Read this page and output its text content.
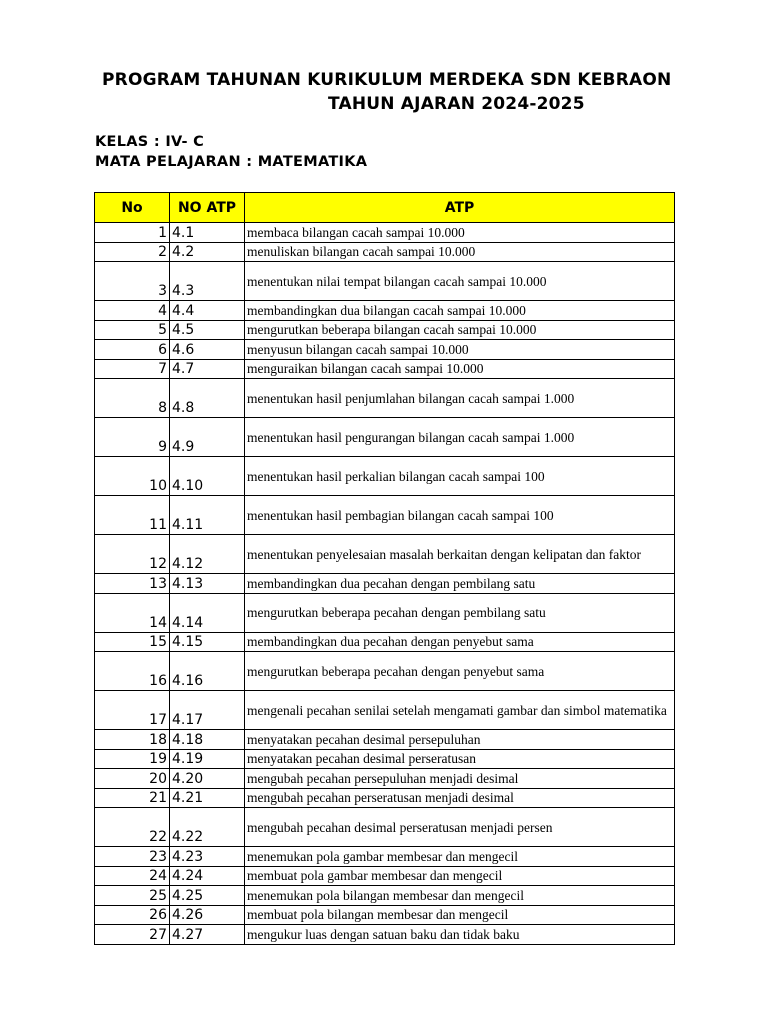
PROGRAM TAHUNAN KURIKULUM MERDEKA SDN KEBRAON
TAHUN AJARAN 2024-2025
KELAS : IV- C
MATA PELAJARAN : MATEMATIKA
No	NO ATP	ATP
1	4.1	membaca bilangan cacah sampai 10.000
2	4.2	menuliskan bilangan cacah sampai 10.000
3	4.3	menentukan nilai tempat bilangan cacah sampai 10.000
4	4.4	membandingkan dua bilangan cacah sampai 10.000
5	4.5	mengurutkan beberapa bilangan cacah sampai 10.000
6	4.6	menyusun bilangan cacah sampai 10.000
7	4.7	menguraikan bilangan cacah sampai 10.000
8	4.8	menentukan hasil penjumlahan bilangan cacah sampai 1.000
9	4.9	menentukan hasil pengurangan bilangan cacah sampai 1.000
10	4.10	menentukan hasil perkalian bilangan cacah sampai 100
11	4.11	menentukan hasil pembagian bilangan cacah sampai 100
12	4.12	menentukan penyelesaian masalah berkaitan dengan kelipatan dan faktor
13	4.13	membandingkan dua pecahan dengan pembilang satu
14	4.14	mengurutkan beberapa pecahan dengan pembilang satu
15	4.15	membandingkan dua pecahan dengan penyebut sama
16	4.16	mengurutkan beberapa pecahan dengan penyebut sama
17	4.17	mengenali pecahan senilai setelah mengamati gambar dan simbol matematika
18	4.18	menyatakan pecahan desimal persepuluhan
19	4.19	menyatakan pecahan desimal perseratusan
20	4.20	mengubah pecahan persepuluhan menjadi desimal
21	4.21	mengubah pecahan perseratusan menjadi desimal
22	4.22	mengubah pecahan desimal perseratusan menjadi persen
23	4.23	menemukan pola gambar membesar dan mengecil
24	4.24	membuat pola gambar membesar dan mengecil
25	4.25	menemukan pola bilangan membesar dan mengecil
26	4.26	membuat pola bilangan membesar dan mengecil
27	4.27	mengukur luas dengan satuan baku dan tidak baku
